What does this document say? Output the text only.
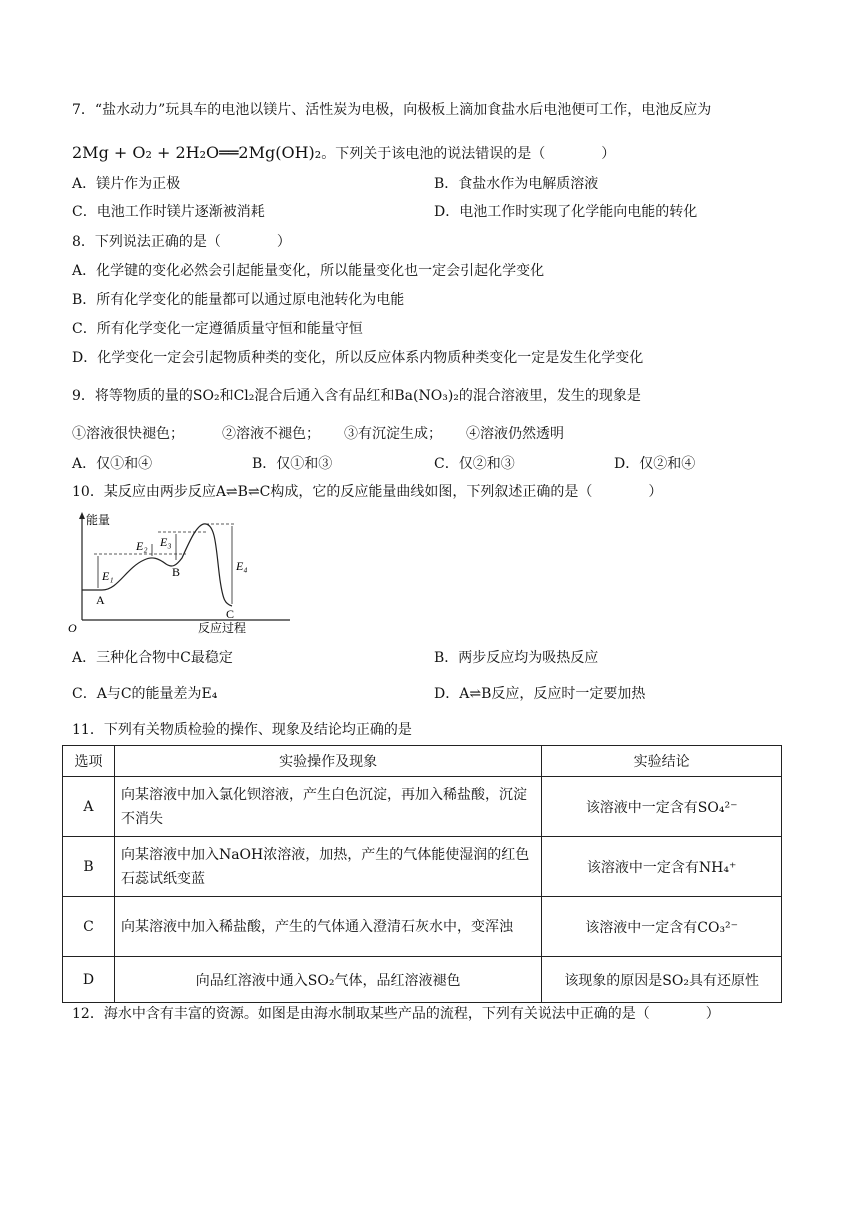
7．“盐水动力”玩具车的电池以镁片、活性炭为电极，向极板上滴加食盐水后电池便可工作，电池反应为
2Mg + O₂ + 2H₂O══2Mg(OH)₂。下列关于该电池的说法错误的是（　　　　）
A．镁片作为正极	B．食盐水作为电解质溶液
C．电池工作时镁片逐渐被消耗	D．电池工作时实现了化学能向电能的转化
8．下列说法正确的是（　　　　）
A．化学键的变化必然会引起能量变化，所以能量变化也一定会引起化学变化
B．所有化学变化的能量都可以通过原电池转化为电能
C．所有化学变化一定遵循质量守恒和能量守恒
D．化学变化一定会引起物质种类的变化，所以反应体系内物质种类变化一定是发生化学变化
9．将等物质的量的SO₂和Cl₂混合后通入含有品红和Ba(NO₃)₂的混合溶液里，发生的现象是
①溶液很快褪色；	②溶液不褪色； ③有沉淀生成； ④溶液仍然透明
A．仅①和④	B．仅①和③	C．仅②和③	D．仅②和④
10．某反应由两步反应A⇌B⇌C构成，它的反应能量曲线如图，下列叙述正确的是（　　　　）
能量
O	反应过程
E₁
E₂ E₃
E₄
A
B
C
A．三种化合物中C最稳定	B．两步反应均为吸热反应
C．A与C的能量差为E₄	D．A⇌B反应，反应时一定要加热
11．下列有关物质检验的操作、现象及结论均正确的是
选项	实验操作及现象	实验结论
A	向某溶液中加入氯化钡溶液，产生白色沉淀，再加入稀盐酸，沉淀不消失	该溶液中一定含有SO₄²⁻
B	向某溶液中加入NaOH浓溶液，加热，产生的气体能使湿润的红色石蕊试纸变蓝	该溶液中一定含有NH₄⁺
C	向某溶液中加入稀盐酸，产生的气体通入澄清石灰水中，变浑浊	该溶液中一定含有CO₃²⁻
D	向品红溶液中通入SO₂气体，品红溶液褪色	该现象的原因是SO₂具有还原性
12．海水中含有丰富的资源。如图是由海水制取某些产品的流程，下列有关说法中正确的是（　　　　）
